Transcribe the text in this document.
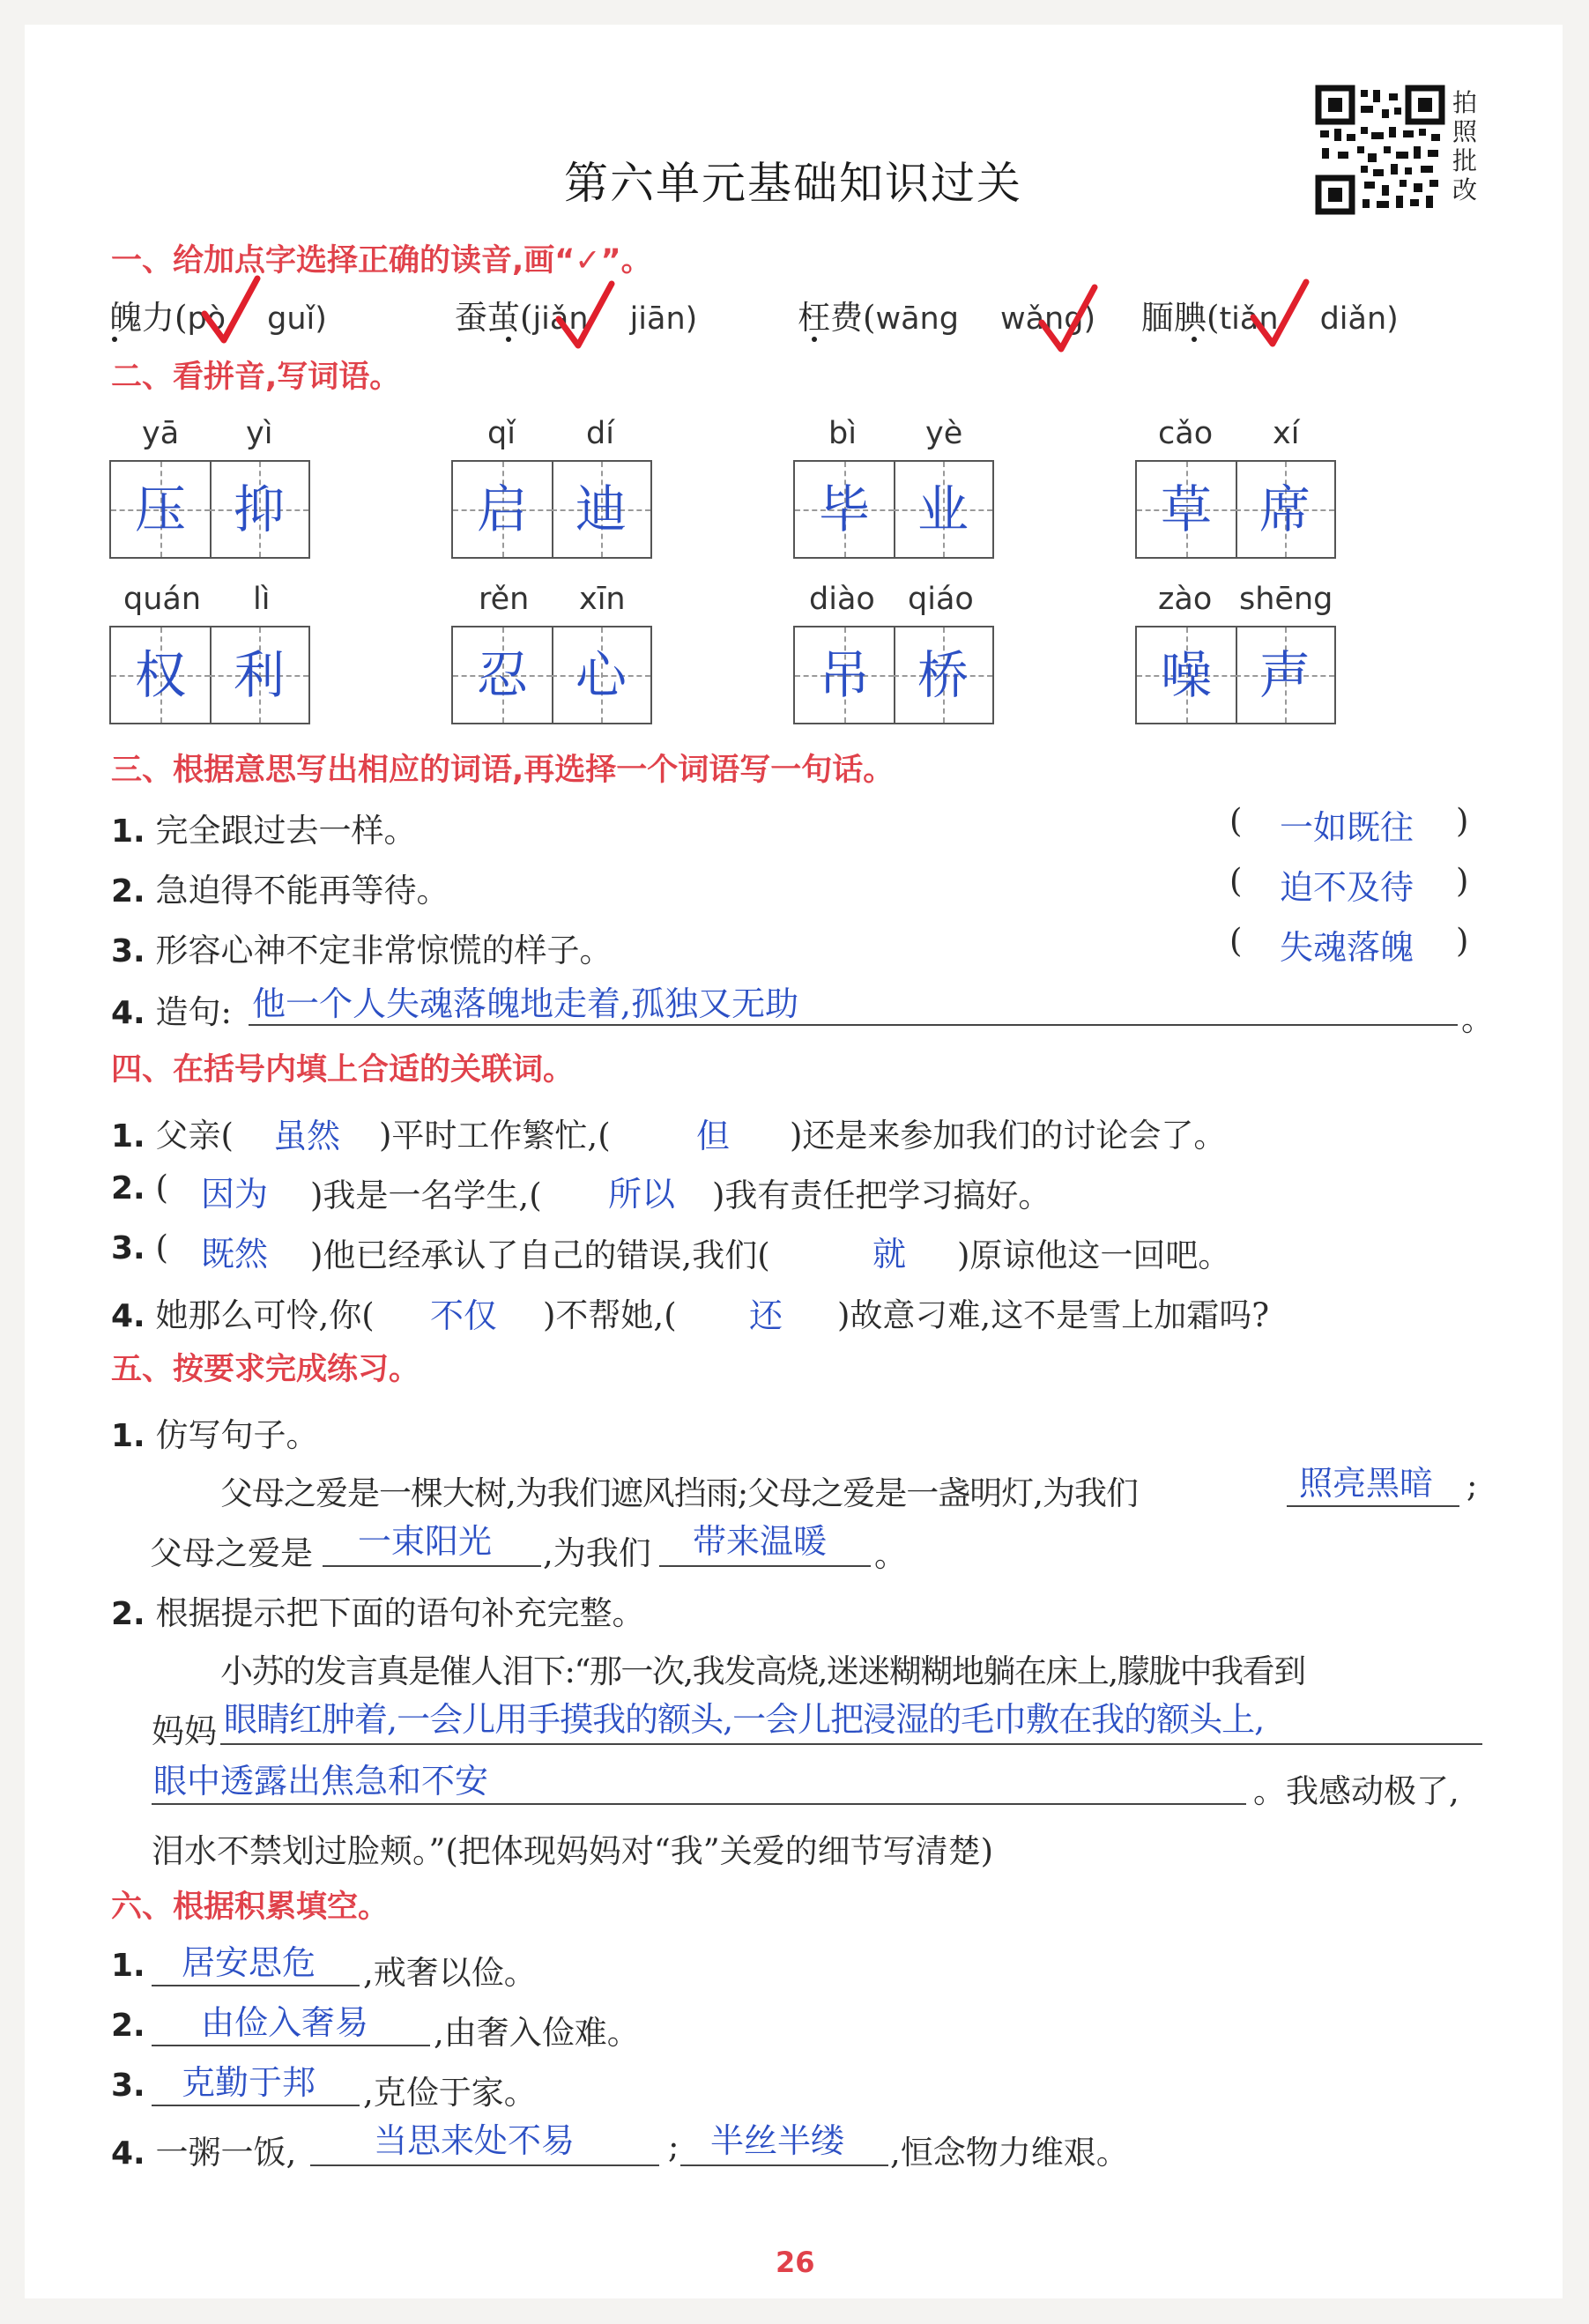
第六单元基础知识过关
拍照批改
一、给加点字选择正确的读音,画“✓”。
魄力(pò guǐ)	蚕茧(jiǎn jiān)	枉费(wāng wǎng) 腼腆(tiǎn diǎn)
二、看拼音,写词语。
yā yì
压 抑
qǐ dí
启 迪
bì yè
毕 业
cǎo xí
草 席
quán lì
权 利
rěn xīn
忍 心
diào qiáo
吊 桥
zào shēng
噪 声
三、根据意思写出相应的词语,再选择一个词语写一句话。
1. 完全跟过去一样。	( 一如既往 )
2. 急迫得不能再等待。	( 迫不及待 )
3. 形容心神不定非常惊慌的样子。	( 失魂落魄 )
4. 造句: 他一个人失魂落魄地走着,孤独又无助	。
四、在括号内填上合适的关联词。
1. 父亲( 虽然 )平时工作繁忙,(	但 )还是来参加我们的讨论会了。
2. ( 因为 )我是一名学生,( 所以 )我有责任把学习搞好。
3. ( 既然 )他已经承认了自己的错误,我们(	就 )原谅他这一回吧。
4. 她那么可怜,你( 不仅 )不帮她,( 还 )故意刁难,这不是雪上加霜吗?
五、按要求完成练习。
1. 仿写句子。
父母之爱是一棵大树,为我们遮风挡雨;父母之爱是一盏明灯,为我们	照亮黑暗 ;
父母之爱是 一束阳光 ,为我们 带来温暖 。
2. 根据提示把下面的语句补充完整。
小苏的发言真是催人泪下:“那一次,我发高烧,迷迷糊糊地躺在床上,朦胧中我看到
妈妈 眼睛红肿着,一会儿用手摸我的额头,一会儿把浸湿的毛巾敷在我的额头上,
眼中透露出焦急和不安	。我感动极了,
泪水不禁划过脸颊。”(把体现妈妈对“我”关爱的细节写清楚)
六、根据积累填空。
1. 居安思危 ,戒奢以俭。
2. 由俭入奢易 ,由奢入俭难。
3. 克勤于邦 ,克俭于家。
4. 一粥一饭, 当思来处不易	; 半丝半缕 ,恒念物力维艰。
26
